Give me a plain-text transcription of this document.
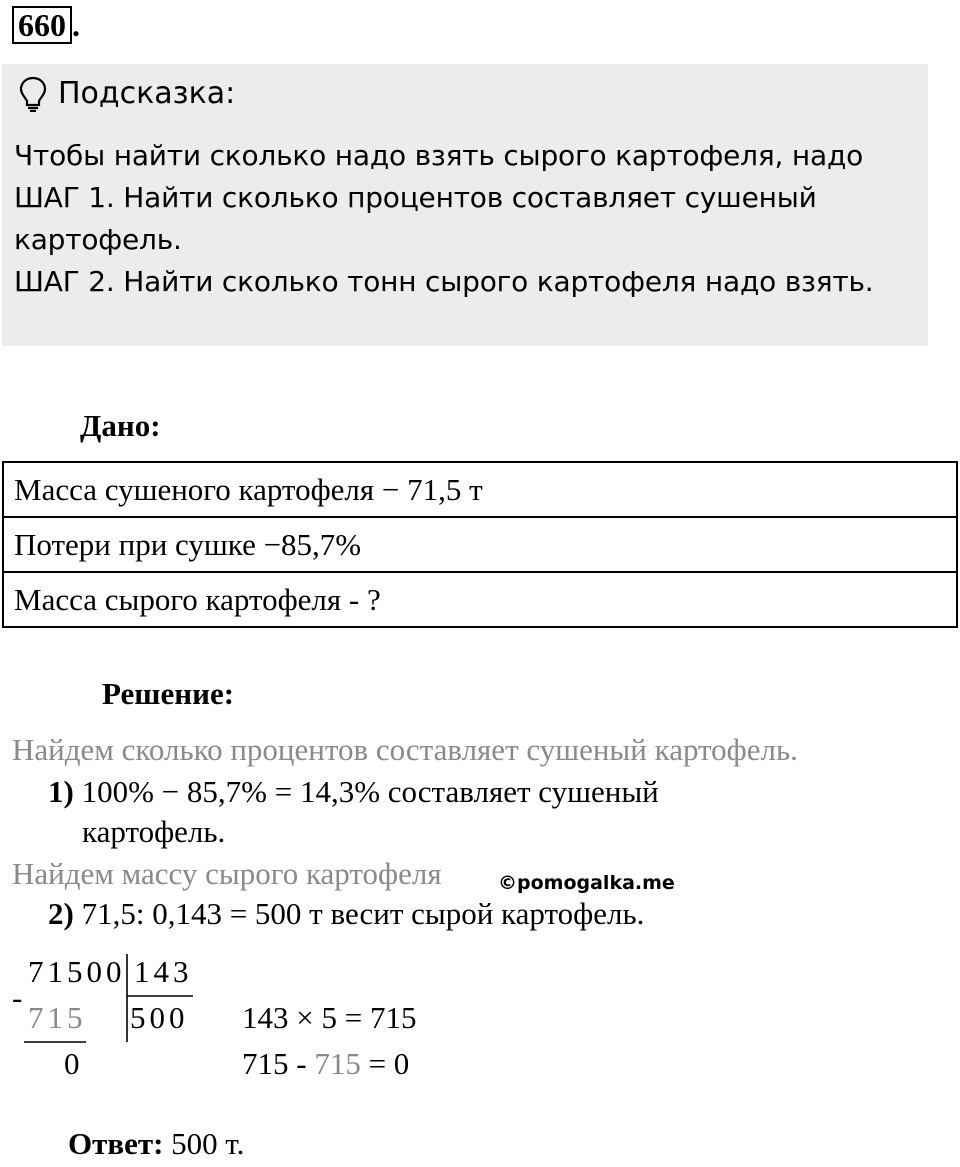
660 .
Подсказка:
Чтобы найти сколько надо взять сырого картофеля, надо
ШАГ 1. Найти сколько процентов составляет сушеный
картофель.
ШАГ 2. Найти сколько тонн сырого картофеля надо взять.
Дано:
Масса сушеного картофеля − 71,5 т
Потери при сушке −85,7%
Масса сырого картофеля - ?
Решение:
Найдем сколько процентов составляет сушеный картофель.
1) 100% − 85,7% = 14,3% составляет сушеный
картофель.
Найдем массу сырого картофеля	©pomogalka.me
2) 71,5: 0,143 = 500 т весит сырой картофель.
71500 143
-
715 500
0
143 × 5 = 715
715 - 715 = 0
Ответ: 500 т.
